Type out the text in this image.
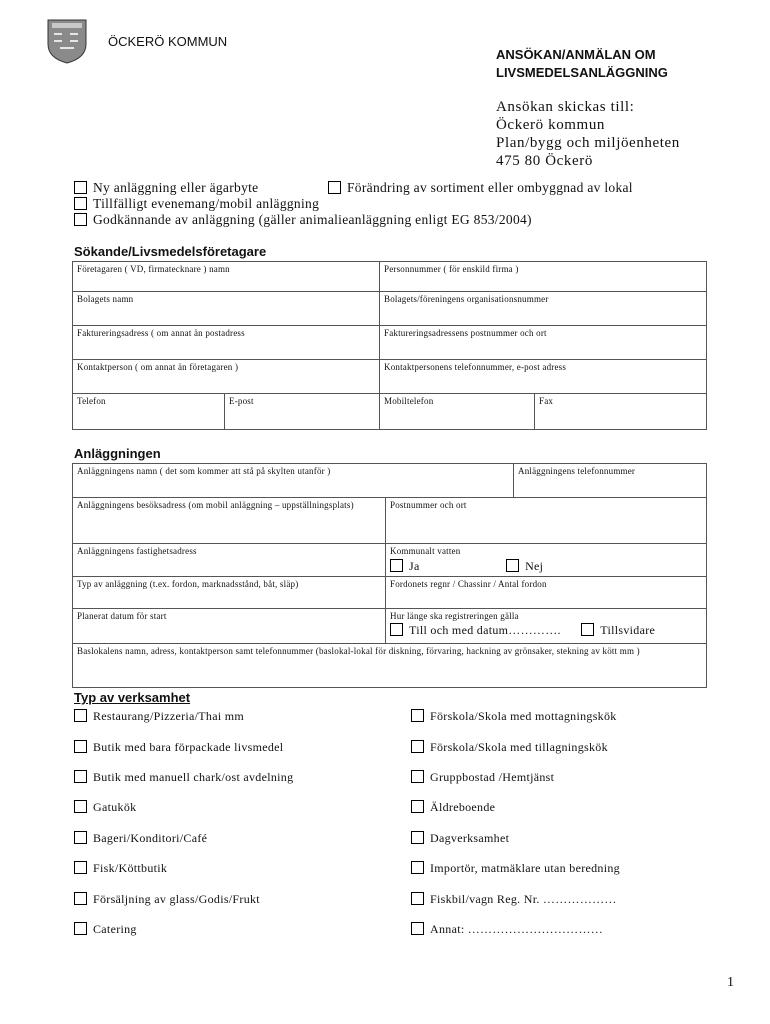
ÖCKERÖ KOMMUN
ANSÖKAN/ANMÄLAN OM
LIVSMEDELSANLÄGGNING
Ansökan skickas till:
Öckerö kommun
Plan/bygg och miljöenheten
475 80 Öckerö
Ny anläggning eller ägarbyte	Förändring av sortiment eller ombyggnad av lokal
Tillfälligt evenemang/mobil anläggning
Godkännande av anläggning (gäller animalieanläggning enligt EG 853/2004)
Sökande/Livsmedelsföretagare
Företagaren ( VD, firmatecknare ) namn		Personnummer ( för enskild firma )	
Bolagets namn		Bolagets/föreningens organisationsnummer	
Faktureringsadress ( om annat än postadress		Faktureringsadressens postnummer och ort	
Kontaktperson ( om annat än företagaren )		Kontaktpersonens telefonnummer, e-post adress	
Telefon	E-post	Mobiltelefon	Fax
Anläggningen
Anläggningens namn ( det som kommer att stå på skylten utanför )		Anläggningens telefonnummer
Anläggningens besöksadress (om mobil anläggning – uppställningsplats)	Postnummer och ort	
Anläggningens fastighetsadress	Kommunalt vatten
Ja Nej	

Typ av anläggning (t.ex. fordon, marknadsstånd, båt, släp)	Fordonets regnr / Chassinr / Antal fordon	
Planerat datum för start	Hur länge ska registreringen gälla
Till och med datum…………. Tillsvidare	

Baslokalens namn, adress, kontaktperson samt telefonnummer (baslokal-lokal för diskning, förvaring, hackning av grönsaker, stekning av kött mm )		
Typ av verksamhet
Restaurang/Pizzeria/Thai mm
Butik med bara förpackade livsmedel
Butik med manuell chark/ost avdelning
Gatukök
Bageri/Konditori/Café
Fisk/Köttbutik
Försäljning av glass/Godis/Frukt
Catering
Förskola/Skola med mottagningskök
Förskola/Skola med tillagningskök
Gruppbostad /Hemtjänst
Äldreboende
Dagverksamhet
Importör, matmäklare utan beredning
Fiskbil/vagn Reg. Nr. ………………
Annat: ……………………………
1
